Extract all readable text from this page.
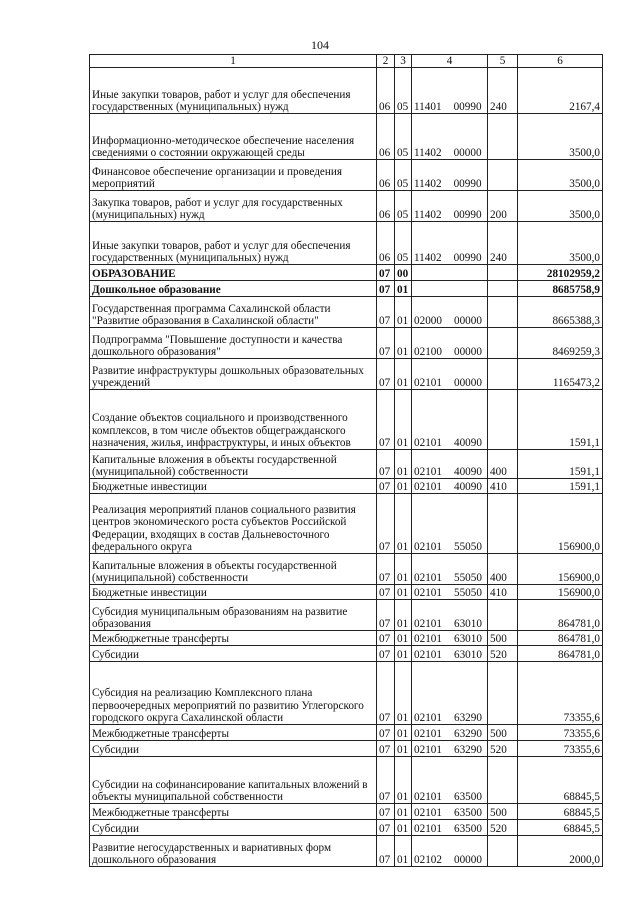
104
1	2	3	4	5	6
Иные закупки товаров, работ и услуг для обеспечения государственных (муниципальных) нужд	06	05	11401 00990	240	2167,4
Информационно-методическое обеспечение населения сведениями о состоянии окружающей среды	06	05	11402 00000		3500,0
Финансовое обеспечение организации и проведения мероприятий	06	05	11402 00990		3500,0
Закупка товаров, работ и услуг для государственных (муниципальных) нужд	06	05	11402 00990	200	3500,0
Иные закупки товаров, работ и услуг для обеспечения государственных (муниципальных) нужд	06	05	11402 00990	240	3500,0
ОБРАЗОВАНИЕ	07	00			28102959,2
Дошкольное образование	07	01			8685758,9
Государственная программа Сахалинской области "Развитие образования в Сахалинской области"	07	01	02000 00000		8665388,3
Подпрограмма "Повышение доступности и качества дошкольного образования"	07	01	02100 00000		8469259,3
Развитие инфраструктуры дошкольных образовательных учреждений	07	01	02101 00000		1165473,2
Создание объектов социального и производственного комплексов, в том числе объектов общегражданского назначения, жилья, инфраструктуры, и иных объектов	07	01	02101 40090		1591,1
Капитальные вложения в объекты государственной (муниципальной) собственности	07	01	02101 40090	400	1591,1
Бюджетные инвестиции	07	01	02101 40090	410	1591,1
Реализация мероприятий планов социального развития центров экономического роста субъектов Российской Федерации, входящих в состав Дальневосточного федерального округа	07	01	02101 55050		156900,0
Капитальные вложения в объекты государственной (муниципальной) собственности	07	01	02101 55050	400	156900,0
Бюджетные инвестиции	07	01	02101 55050	410	156900,0
Субсидия муниципальным образованиям на развитие образования	07	01	02101 63010		864781,0
Межбюджетные трансферты	07	01	02101 63010	500	864781,0
Субсидии	07	01	02101 63010	520	864781,0
Субсидия на реализацию Комплексного плана первоочередных мероприятий по развитию Углегорского городского округа Сахалинской области	07	01	02101 63290		73355,6
Межбюджетные трансферты	07	01	02101 63290	500	73355,6
Субсидии	07	01	02101 63290	520	73355,6
Субсидии на софинансирование капитальных вложений в объекты муниципальной собственности	07	01	02101 63500		68845,5
Межбюджетные трансферты	07	01	02101 63500	500	68845,5
Субсидии	07	01	02101 63500	520	68845,5
Развитие негосударственных и вариативных форм дошкольного образования	07	01	02102 00000		2000,0
